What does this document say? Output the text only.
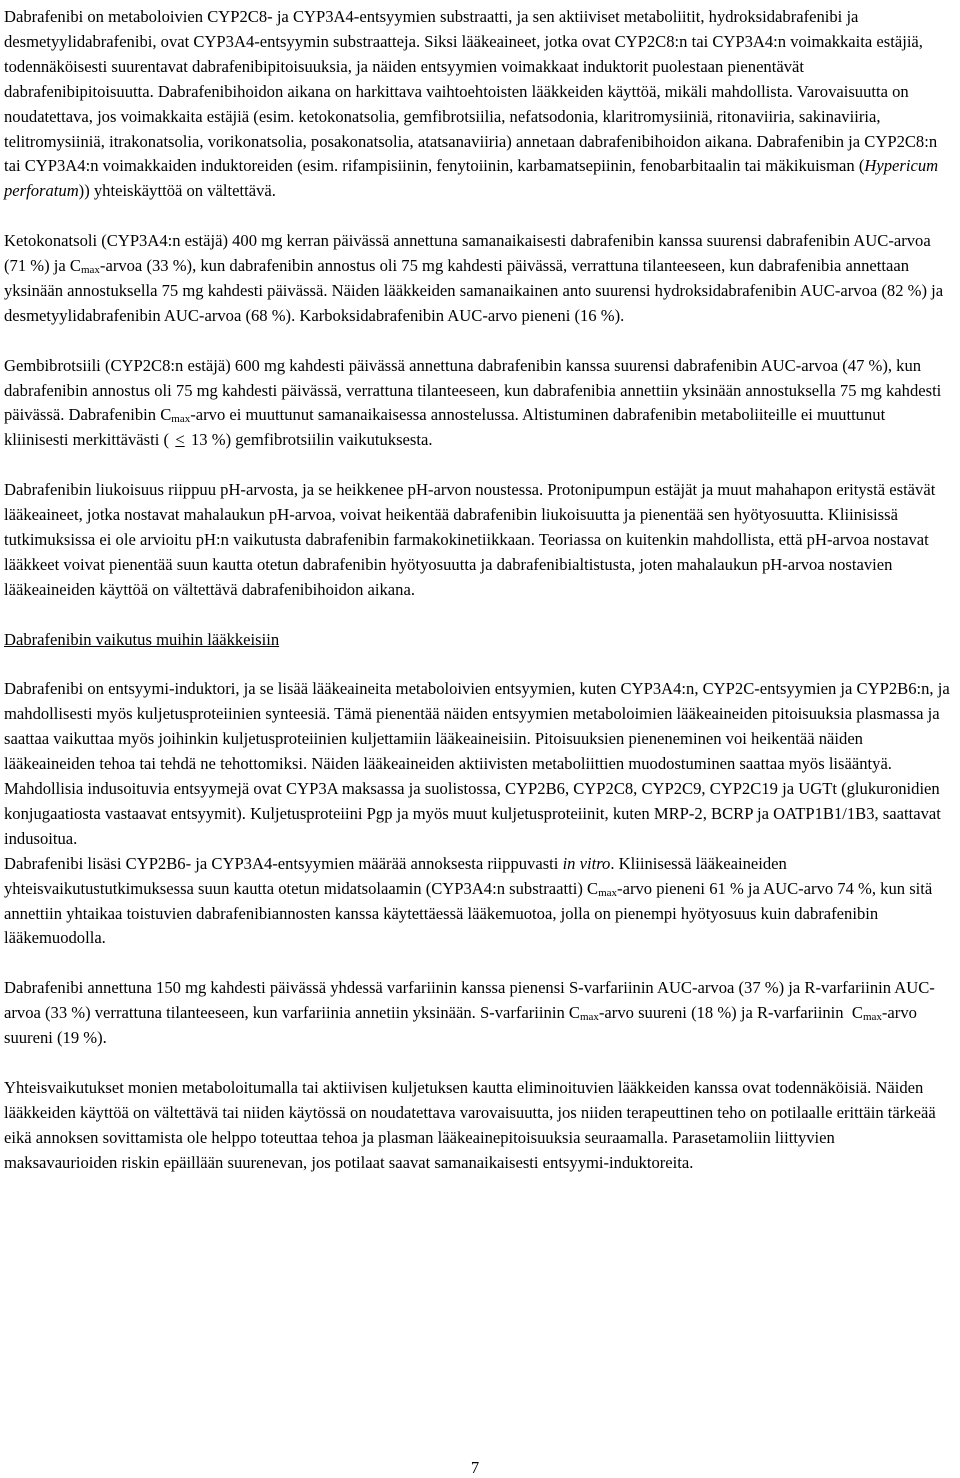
Dabrafenibi on metaboloivien CYP2C8- ja CYP3A4-entsyymien substraatti, ja sen aktiiviset metaboliitit, hydroksidabrafenibi ja desmetyylidabrafenibi, ovat CYP3A4-entsyymin substraatteja. Siksi lääkeaineet, jotka ovat CYP2C8:n tai CYP3A4:n voimakkaita estäjiä, todennäköisesti suurentavat dabrafenibipitoisuuksia, ja näiden entsyymien voimakkaat induktorit puolestaan pienentävät dabrafenibipitoisuutta. Dabrafenibihoidon aikana on harkittava vaihtoehtoisten lääkkeiden käyttöä, mikäli mahdollista. Varovaisuutta on noudatettava, jos voimakkaita estäjiä (esim. ketokonatsolia, gemfibrotsiilia, nefatsodonia, klaritromysiiniä, ritonaviiria, sakinaviiria, telitromysiiniä, itrakonatsolia, vorikonatsolia, posakonatsolia, atatsanaviiria) annetaan dabrafenibihoidon aikana. Dabrafenibin ja CYP2C8:n tai CYP3A4:n voimakkaiden induktoreiden (esim. rifampisiinin, fenytoiinin, karbamatsepiinin, fenobarbitaalin tai mäkikuisman (Hypericum perforatum)) yhteiskäyttöä on vältettävä.

Ketokonatsoli (CYP3A4:n estäjä) 400 mg kerran päivässä annettuna samanaikaisesti dabrafenibin kanssa suurensi dabrafenibin AUC-arvoa (71 %) ja $C_{max}$-arvoa (33 %), kun dabrafenibin annostus oli 75 mg kahdesti päivässä, verrattuna tilanteeseen, kun dabrafenibia annettaan yksinään annostuksella 75 mg kahdesti päivässä. Näiden lääkkeiden samanaikainen anto suurensi hydroksidabrafenibin AUC-arvoa (82 %) ja desmetyylidabrafenibin AUC-arvoa (68 %). Karboksidabrafenibin AUC-arvo pieneni (16 %).

Gembibrotsiili (CYP2C8:n estäjä) 600 mg kahdesti päivässä annettuna dabrafenibin kanssa suurensi dabrafenibin AUC-arvoa (47 %), kun dabrafenibin annostus oli 75 mg kahdesti päivässä, verrattuna tilanteeseen, kun dabrafenibia annettiin yksinään annostuksella 75 mg kahdesti päivässä. Dabrafenibin $C_{max}$-arvo ei muuttunut samanaikaisessa annostelussa. Altistuminen dabrafenibin metaboliiteille ei muuttunut kliinisesti merkittävästi ( ≤ 13 %) gemfibrotsiilin vaikutuksesta.

Dabrafenibin liukoisuus riippuu pH-arvosta, ja se heikkenee pH-arvon noustessa. Protonipumpun estäjät ja muut mahahapon eritystä estävät lääkeaineet, jotka nostavat mahalaukun pH-arvoa, voivat heikentää dabrafenibin liukoisuutta ja pienentää sen hyötyosuutta. Kliinisissä tutkimuksissa ei ole arvioitu pH:n vaikutusta dabrafenibin farmakokinetiikkaan. Teoriassa on kuitenkin mahdollista, että pH-arvoa nostavat lääkkeet voivat pienentää suun kautta otetun dabrafenibin hyötyosuutta ja dabrafenibialtistusta, joten mahalaukun pH-arvoa nostavien lääkeaineiden käyttöä on vältettävä dabrafenibihoidon aikana.

Dabrafenibin vaikutus muihin lääkkeisiin

Dabrafenibi on entsyymi-induktori, ja se lisää lääkeaineita metaboloivien entsyymien, kuten CYP3A4:n, CYP2C-entsyymien ja CYP2B6:n, ja mahdollisesti myös kuljetusproteiinien synteesiä. Tämä pienentää näiden entsyymien metaboloimien lääkeaineiden pitoisuuksia plasmassa ja saattaa vaikuttaa myös joihinkin kuljetusproteiinien kuljettamiin lääkeaineisiin. Pitoisuuksien pieneneminen voi heikentää näiden lääkeaineiden tehoa tai tehdä ne tehottomiksi. Näiden lääkeaineiden aktiivisten metaboliittien muodostuminen saattaa myös lisääntyä. Mahdollisia indusoituvia entsyymejä ovat CYP3A maksassa ja suolistossa, CYP2B6, CYP2C8, CYP2C9, CYP2C19 ja UGTt (glukuronidien konjugaatiosta vastaavat entsyymit). Kuljetusproteiini Pgp ja myös muut kuljetusproteiinit, kuten MRP-2, BCRP ja OATP1B1/1B3, saattavat indusoitua.

Dabrafenibi lisäsi CYP2B6- ja CYP3A4-entsyymien määrää annoksesta riippuvasti in vitro. Kliinisessä lääkeaineiden yhteisvaikutustutkimuksessa suun kautta otetun midatsolaamin (CYP3A4:n substraatti) $C_{max}$-arvo pieneni 61 % ja AUC-arvo 74 %, kun sitä annettiin yhtaikaa toistuvien dabrafenibiannosten kanssa käytettäessä lääkemuotoa, jolla on pienempi hyötyosuus kuin dabrafenibin lääkemuodolla.

Dabrafenibi annettuna 150 mg kahdesti päivässä yhdessä varfariinin kanssa pienensi S-varfariinin AUC-arvoa (37 %) ja R-varfariinin AUC-arvoa (33 %) verrattuna tilanteeseen, kun varfariinia annetiin yksinään. S-varfariinin $C_{max}$-arvo suureni (18 %) ja R-varfariinin  $C_{max}$-arvo suureni (19 %).

Yhteisvaikutukset monien metaboloitumalla tai aktiivisen kuljetuksen kautta eliminoituvien lääkkeiden kanssa ovat todennäköisiä. Näiden lääkkeiden käyttöä on vältettävä tai niiden käytössä on noudatettava varovaisuutta, jos niiden terapeuttinen teho on potilaalle erittäin tärkeää eikä annoksen sovittamista ole helppo toteuttaa tehoa ja plasman lääkeainepitoisuuksia seuraamalla. Parasetamoliin liittyvien maksavaurioiden riskin epäillään suurenevan, jos potilaat saavat samanaikaisesti entsyymi-induktoreita.

7
